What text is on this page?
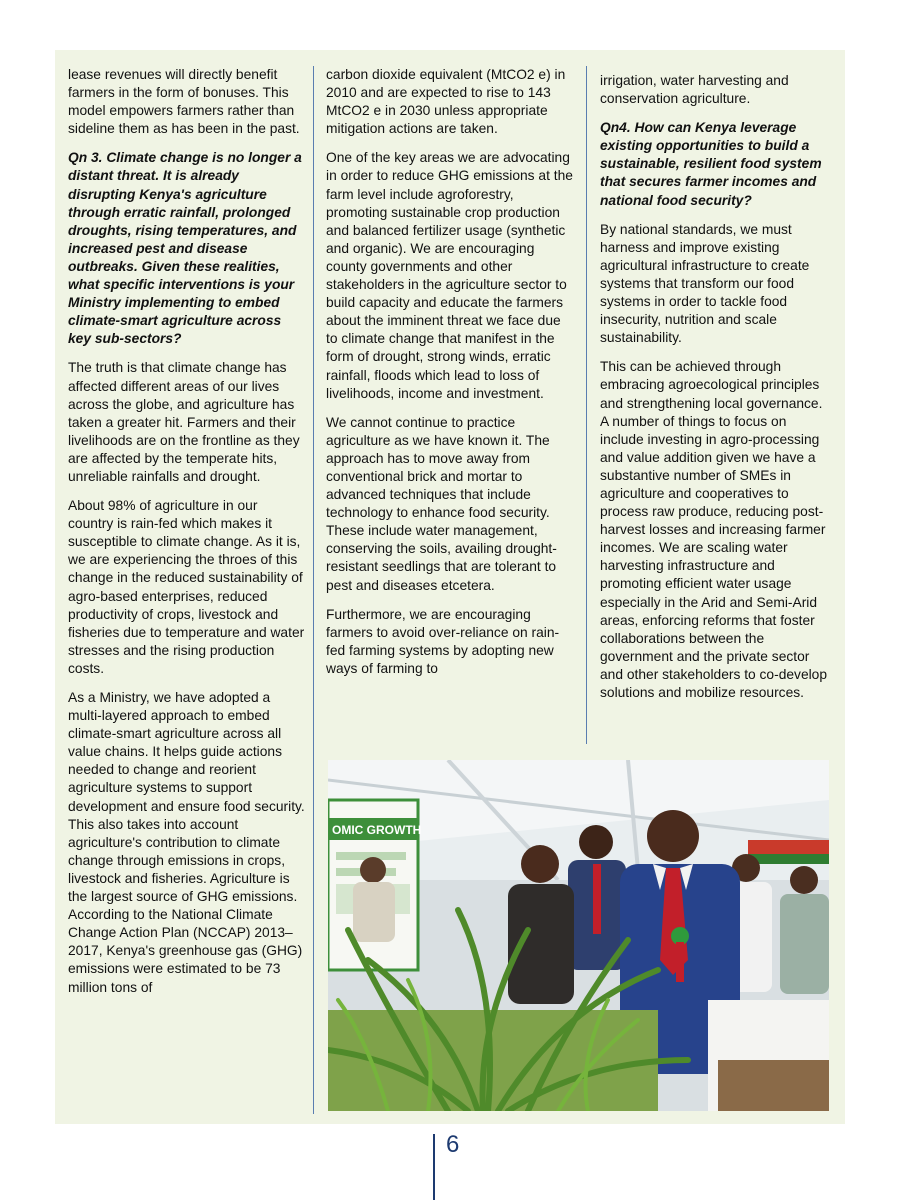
lease revenues will directly benefit farmers in the form of bonuses. This model empowers farmers rather than sideline them as has been in the past.

Qn 3. Climate change is no longer a distant threat. It is already disrupting Kenya's agriculture through erratic rainfall, prolonged droughts, rising temperatures, and increased pest and disease outbreaks. Given these realities, what specific interventions is your Ministry implementing to embed climate-smart agriculture across key sub-sectors?

The truth is that climate change has affected different areas of our lives across the globe, and agriculture has taken a greater hit. Farmers and their livelihoods are on the frontline as they are affected by the temperate hits, unreliable rainfalls and drought.

About 98% of agriculture in our country is rain-fed which makes it susceptible to climate change. As it is, we are experiencing the throes of this change in the reduced sustainability of agro-based enterprises, reduced productivity of crops, livestock and fisheries due to temperature and water stresses and the rising production costs.

As a Ministry, we have adopted a multi-layered approach to embed climate-smart agriculture across all value chains. It helps guide actions needed to change and reorient agriculture systems to support development and ensure food security. This also takes into account agriculture's contribution to climate change through emissions in crops, livestock and fisheries. Agriculture is the largest source of GHG emissions. According to the National Climate Change Action Plan (NCCAP) 2013–2017, Kenya's greenhouse gas (GHG) emissions were estimated to be 73 million tons of

carbon dioxide equivalent (MtCO2 e) in 2010 and are expected to rise to 143 MtCO2 e in 2030 unless appropriate mitigation actions are taken.

One of the key areas we are advocating in order to reduce GHG emissions at the farm level include agroforestry, promoting sustainable crop production and balanced fertilizer usage (synthetic and organic). We are encouraging county governments and other stakeholders in the agriculture sector to build capacity and educate the farmers about the imminent threat we face due to climate change that manifest in the form of drought, strong winds, erratic rainfall, floods which lead to loss of livelihoods, income and investment.

We cannot continue to practice agriculture as we have known it. The approach has to move away from conventional brick and mortar to advanced techniques that include technology to enhance food security. These include water management, conserving the soils, availing drought-resistant seedlings that are tolerant to pest and diseases etcetera.

Furthermore, we are encouraging farmers to avoid over-reliance on rain-fed farming systems by adopting new ways of farming to

irrigation, water harvesting and conservation agriculture.

Qn4. How can Kenya leverage existing opportunities to build a sustainable, resilient food system that secures farmer incomes and national food security?

By national standards, we must harness and improve existing agricultural infrastructure to create systems that transform our food systems in order to tackle food insecurity, nutrition and scale sustainability.

This can be achieved through embracing agroecological principles and strengthening local governance. A number of things to focus on include investing in agro-processing and value addition given we have a substantive number of SMEs in agriculture and cooperatives to process raw produce, reducing post-harvest losses and increasing farmer incomes. We are scaling water harvesting infrastructure and promoting efficient water usage especially in the Arid and Semi-Arid areas, enforcing reforms that foster collaborations between the government and the private sector and other stakeholders to co-develop solutions and mobilize resources.

OMIC GROWTH
6
